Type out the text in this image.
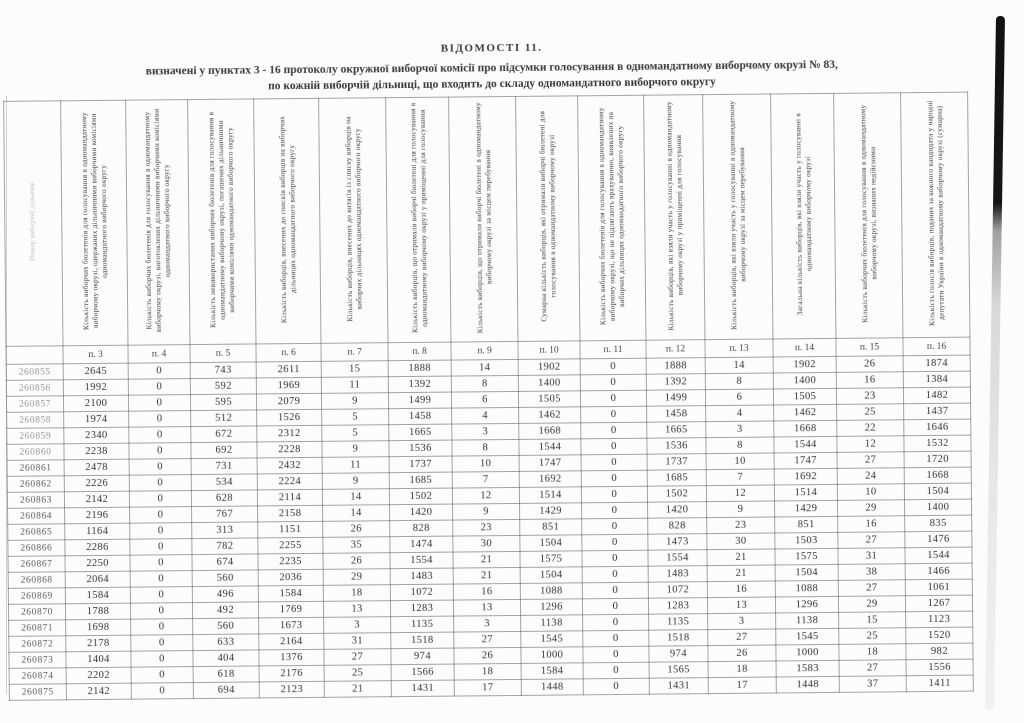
ВІДОМОСТІ 11.
визначені у пунктах 3 - 16 протоколу окружної виборчої комісії про підсумки голосування в одномандатному виборчому окрузі № 83,
по кожній виборчій дільниці, що входить до складу одномандатного виборчого округу
Номер виборчої дільниці	Кількість виборчих бюлетенів для голосування в одномандатному виборчому окрузі, одержаних дільничними виборчими комісіями одномандатного виборчого округу	Кількість виборчих бюлетенів для голосування в одномандатному виборчому окрузі, виготовлених дільничними виборчими комісіями одномандатного виборчого округу	Кількість невикористаних виборчих бюлетенів для голосування в одномандатному виборчому окрузі, погашених дільничними виборчими комісіями одномандатного виборчого округу	Кількість виборців, внесених до списків виборців на виборчих дільницях одномандатного виборчого округу	Кількість виборців, внесених до витягів із списку виборців на виборчих дільницях одномандатного виборчого округу	Кількість виборців, що отримали виборчі бюлетені для голосування в одномандатному виборчому окрузі у приміщенні для голосування	Кількість виборців, що отримали виборчі бюлетені в одномандатному виборчому окрузі за місцем перебування	Сумарна кількість виборців, які отримали виборчі бюлетені для голосування в одномандатному виборчому окрузі	Кількість виборчих бюлетенів для голосування в одномандатному виборчому окрузі, що не підлягають врахуванню, виявлених на виборчих дільницях одномандатного виборчого округу	Кількість виборців, які взяли участь у голосуванні в одномандатному виборчому окрузі у приміщенні для голосування	Кількість виборців, які взяли участь у голосуванні в одномандатному виборчому окрузі за місцем перебування	Загальна кількість виборців, які взяли участь у голосуванні в одномандатному виборчому окрузі	Кількість виборчих бюлетенів для голосування в одномандатному виборчому окрузі, визнаних недійсними	Кількість голосів виборців, поданих за кожного кандидата у народні депутати України в одномандатному виборчому окрузі (сумарна)
	п. 3	п. 4	п. 5	п. 6	п. 7	п. 8	п. 9	п. 10	п. 11	п. 12	п. 13	п. 14	п. 15	п. 16
260855	2645	0	743	2611	15	1888	14	1902	0	1888	14	1902	26	1874
260856	1992	0	592	1969	11	1392	8	1400	0	1392	8	1400	16	1384
260857	2100	0	595	2079	9	1499	6	1505	0	1499	6	1505	23	1482
260858	1974	0	512	1526	5	1458	4	1462	0	1458	4	1462	25	1437
260859	2340	0	672	2312	5	1665	3	1668	0	1665	3	1668	22	1646
260860	2238	0	692	2228	9	1536	8	1544	0	1536	8	1544	12	1532
260861	2478	0	731	2432	11	1737	10	1747	0	1737	10	1747	27	1720
260862	2226	0	534	2224	9	1685	7	1692	0	1685	7	1692	24	1668
260863	2142	0	628	2114	14	1502	12	1514	0	1502	12	1514	10	1504
260864	2196	0	767	2158	14	1420	9	1429	0	1420	9	1429	29	1400
260865	1164	0	313	1151	26	828	23	851	0	828	23	851	16	835
260866	2286	0	782	2255	35	1474	30	1504	0	1473	30	1503	27	1476
260867	2250	0	674	2235	26	1554	21	1575	0	1554	21	1575	31	1544
260868	2064	0	560	2036	29	1483	21	1504	0	1483	21	1504	38	1466
260869	1584	0	496	1584	18	1072	16	1088	0	1072	16	1088	27	1061
260870	1788	0	492	1769	13	1283	13	1296	0	1283	13	1296	29	1267
260871	1698	0	560	1673	3	1135	3	1138	0	1135	3	1138	15	1123
260872	2178	0	633	2164	31	1518	27	1545	0	1518	27	1545	25	1520
260873	1404	0	404	1376	27	974	26	1000	0	974	26	1000	18	982
260874	2202	0	618	2176	25	1566	18	1584	0	1565	18	1583	27	1556
260875	2142	0	694	2123	21	1431	17	1448	0	1431	17	1448	37	1411
